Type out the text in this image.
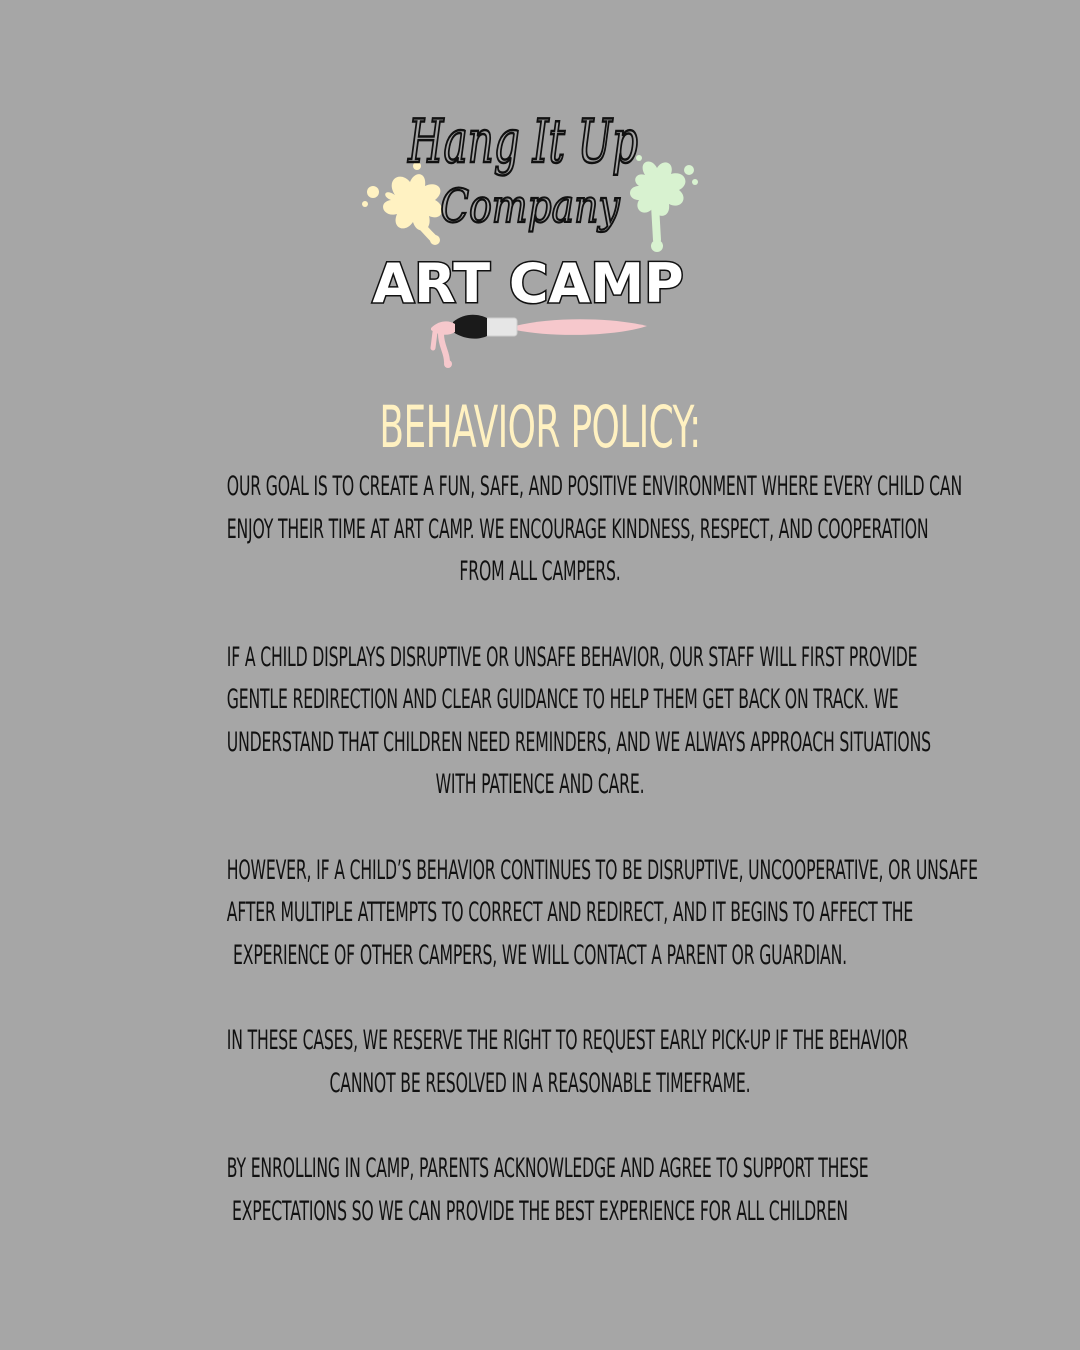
Hang It Up
Company
ART CAMP
BEHAVIOR POLICY:
OUR GOAL IS TO CREATE A FUN, SAFE, AND POSITIVE ENVIRONMENT WHERE EVERY CHILD CAN
ENJOY THEIR TIME AT ART CAMP. WE ENCOURAGE KINDNESS, RESPECT, AND COOPERATION
FROM ALL CAMPERS.
IF A CHILD DISPLAYS DISRUPTIVE OR UNSAFE BEHAVIOR, OUR STAFF WILL FIRST PROVIDE
GENTLE REDIRECTION AND CLEAR GUIDANCE TO HELP THEM GET BACK ON TRACK. WE
UNDERSTAND THAT CHILDREN NEED REMINDERS, AND WE ALWAYS APPROACH SITUATIONS
WITH PATIENCE AND CARE.
HOWEVER, IF A CHILD’S BEHAVIOR CONTINUES TO BE DISRUPTIVE, UNCOOPERATIVE, OR UNSAFE
AFTER MULTIPLE ATTEMPTS TO CORRECT AND REDIRECT, AND IT BEGINS TO AFFECT THE
EXPERIENCE OF OTHER CAMPERS, WE WILL CONTACT A PARENT OR GUARDIAN.
IN THESE CASES, WE RESERVE THE RIGHT TO REQUEST EARLY PICK-UP IF THE BEHAVIOR
CANNOT BE RESOLVED IN A REASONABLE TIMEFRAME.
BY ENROLLING IN CAMP, PARENTS ACKNOWLEDGE AND AGREE TO SUPPORT THESE
EXPECTATIONS SO WE CAN PROVIDE THE BEST EXPERIENCE FOR ALL CHILDREN
